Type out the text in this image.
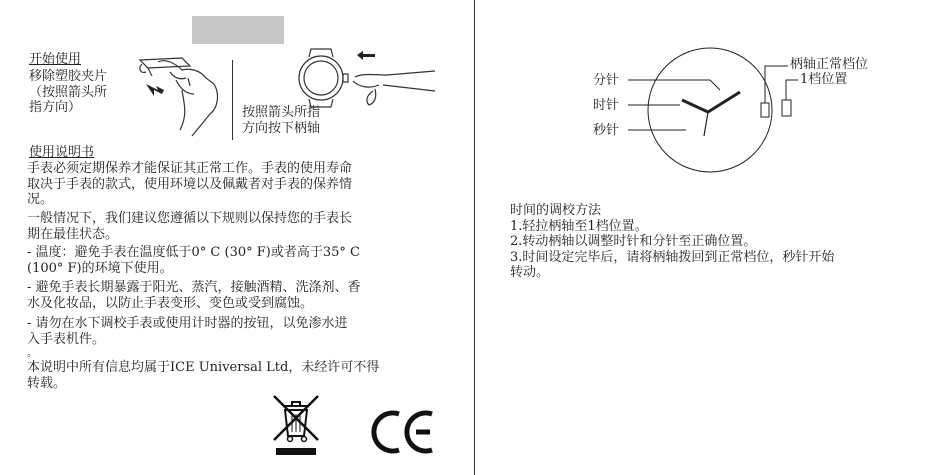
开始使用
移除塑胶夹片
（按照箭头所
指方向）	按照箭头所指
方向按下柄轴
使用说明书
手表必须定期保养才能保证其正常工作。手表的使用寿命
取决于手表的款式，使用环境以及佩戴者对手表的保养情
况。
一般情况下，我们建议您遵循以下规则以保持您的手表长
期在最佳状态。
- 温度：避免手表在温度低于0° C (30° F)或者高于35° C
(100° F)的环境下使用。
- 避免手表长期暴露于阳光、蒸汽，接触酒精、洗涤剂、香
水及化妆品，以防止手表变形、变色或受到腐蚀。
- 请勿在水下调校手表或使用计时器的按钮，以免渗水进
入手表机件。
。
本说明中所有信息均属于ICE Universal Ltd，未经许可不得
转载。
分针
时针
秒针
柄轴正常档位
1档位置
时间的调校方法
1.轻拉柄轴至1档位置。
2.转动柄轴以调整时针和分针至正确位置。
3.时间设定完毕后，请将柄轴拨回到正常档位，秒针开始
转动。
